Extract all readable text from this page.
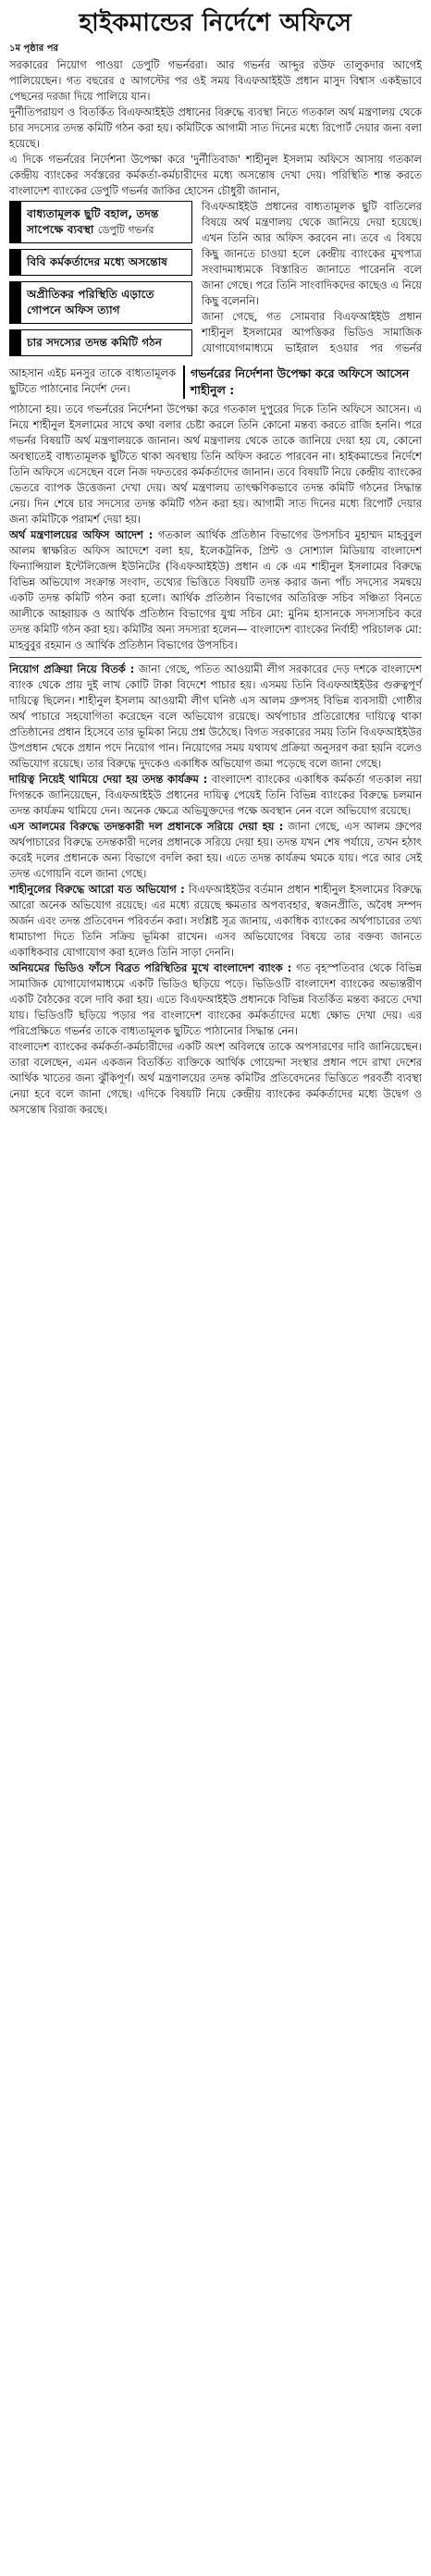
হাইকমান্ডের নির্দেশে অফিসে
১ম পৃষ্ঠার পর

সরকারের নিয়োগ পাওয়া ডেপুটি গভর্নররা। আর গভর্নর আব্দুর রউফ তালুকদার আগেই পালিয়েছেন। গত বছরের ৫ আগস্টের পর ওই সময় বিএফআইইউ প্রধান মাসুদ বিশ্বাস একইভাবে পেছনের দরজা দিয়ে পালিয়ে যান।

দুর্নীতিপরায়ণ ও বিতর্কিত বিএফআইইউ প্রধানের বিরুদ্ধে ব্যবস্থা নিতে গতকাল অর্থ মন্ত্রণালয় থেকে চার সদস্যের তদন্ত কমিটি গঠন করা হয়। কমিটিকে আগামী সাত দিনের মধ্যে রিপোর্ট দেয়ার জন্য বলা হয়েছে।

এ দিকে গভর্নরের নির্দেশনা উপেক্ষা করে 'দুর্নীতিবাজ' শাহীনুল ইসলাম অফিসে আসায় গতকাল কেন্দ্রীয় ব্যাংকের সর্বস্তরের কর্মকর্তা-কর্মচারীদের মধ্যে অসন্তোষ দেখা দেয়। পরিস্থিতি শান্ত করতে বাংলাদেশ ব্যাংকের ডেপুটি গভর্নর জাকির হোসেন চৌধুরী জানান,

বাধ্যতামূলক ছুটি বহাল, তদন্ত সাপেক্ষে ব্যবস্থা ডেপুটি গভর্নর
বিবি কর্মকর্তাদের মধ্যে অসন্তোষ
অপ্রীতিকর পরিস্থিতি এড়াতে গোপনে অফিস ত্যাগ
চার সদস্যের তদন্ত কমিটি গঠন

বিএফআইইউ প্রধানের বাধ্যতামূলক ছুটি বাতিলের বিষয়ে অর্থ মন্ত্রণালয় থেকে জানিয়ে দেয়া হয়েছে। এখন তিনি আর অফিস করবেন না। তবে এ বিষয়ে কিছু জানতে চাওয়া হলে কেন্দ্রীয় ব্যাংকের মুখপাত্র সংবাদমাধ্যমকে বিস্তারিত জানাতে পারেননি বলে জানা গেছে। পরে তিনি সাংবাদিকদের কাছেও এ নিয়ে কিছু বলেননি।

গভর্নরের নির্দেশনা উপেক্ষা করে অফিসে আসেন শাহীনুল :

জানা গেছে, গত সোমবার বিএফআইইউ প্রধান শাহীনুল ইসলামের আপত্তিকর ভিডিও সামাজিক যোগাযোগমাধ্যমে ভাইরাল হওয়ার পর গভর্নর আহসান এইচ মনসুর তাকে বাধ্যতামূলক ছুটিতে পাঠানোর নির্দেশ দেন।

পাঠানো হয়। তবে গভর্নরের নির্দেশনা উপেক্ষা করে গতকাল দুপুরের দিকে তিনি অফিসে আসেন। এ নিয়ে শাহীনুল ইসলামের সাথে কথা বলার চেষ্টা করলে তিনি কোনো মন্তব্য করতে রাজি হননি। পরে গভর্নর বিষয়টি অর্থ মন্ত্রণালয়কে জানান। অর্থ মন্ত্রণালয় থেকে তাকে জানিয়ে দেয়া হয় যে, কোনো অবস্থাতেই বাধ্যতামূলক ছুটিতে থাকা অবস্থায় তিনি অফিস করতে পারবেন না। হাইকমান্ডের নির্দেশে তিনি অফিসে এসেছেন বলে নিজ দফতরের কর্মকর্তাদের জানান। তবে বিষয়টি নিয়ে কেন্দ্রীয় ব্যাংকের ভেতরে ব্যাপক উত্তেজনা দেখা দেয়। অর্থ মন্ত্রণালয় তাৎক্ষণিকভাবে তদন্ত কমিটি গঠনের সিদ্ধান্ত নেয়। দিন শেষে চার সদস্যের তদন্ত কমিটি গঠন করা হয়। আগামী সাত দিনের মধ্যে রিপোর্ট দেয়ার জন্য কমিটিকে পরামর্শ দেয়া হয়।

অর্থ মন্ত্রণালয়ের অফিস আদেশ : গতকাল আর্থিক প্রতিষ্ঠান বিভাগের উপসচিব মুহাম্মদ মাহবুবুল আলম স্বাক্ষরিত অফিস আদেশে বলা হয়, ইলেকট্রনিক, প্রিন্ট ও সোশ্যাল মিডিয়ায় বাংলাদেশ ফিন্যান্সিয়াল ইন্টেলিজেন্স ইউনিটের (বিএফআইইউ) প্রধান এ কে এম শাহীনুল ইসলামের বিরুদ্ধে বিভিন্ন অভিযোগ সংক্রান্ত সংবাদ, তথ্যের ভিত্তিতে বিষয়টি তদন্ত করার জন্য পাঁচ সদস্যের সমন্বয়ে একটি তদন্ত কমিটি গঠন করা হলো। আর্থিক প্রতিষ্ঠান বিভাগের অতিরিক্ত সচিব সঞ্চিতা বিনতে আলীকে আহ্বায়ক ও আর্থিক প্রতিষ্ঠান বিভাগের যুগ্ম সচিব মো: মুনিম হাসানকে সদস্যসচিব করে তদন্ত কমিটি গঠন করা হয়। কমিটির অন্য সদস্যরা হলেন— বাংলাদেশ ব্যাংকের নির্বাহী পরিচালক মো: মাহবুবুর রহমান ও আর্থিক প্রতিষ্ঠান বিভাগের উপসচিব।

নিয়োগ প্রক্রিয়া নিয়ে বিতর্ক : জানা গেছে, পতিত আওয়ামী লীগ সরকারের দেড় দশকে বাংলাদেশ ব্যাংক থেকে প্রায় দুই লাখ কোটি টাকা বিদেশে পাচার হয়। এসময় তিনি বিএফআইইউর গুরুত্বপূর্ণ দায়িত্বে ছিলেন। শাহীনুল ইসলাম আওয়ামী লীগ ঘনিষ্ঠ এস আলম গ্রুপসহ বিভিন্ন ব্যবসায়ী গোষ্ঠীর অর্থ পাচারে সহযোগিতা করেছেন বলে অভিযোগ রয়েছে। অর্থপাচার প্রতিরোধের দায়িত্বে থাকা প্রতিষ্ঠানের প্রধান হিসেবে তার ভূমিকা নিয়ে প্রশ্ন উঠেছে। বিগত সরকারের সময় তিনি বিএফআইইউর উপপ্রধান থেকে প্রধান পদে নিয়োগ পান। নিয়োগের সময় যথাযথ প্রক্রিয়া অনুসরণ করা হয়নি বলেও অভিযোগ রয়েছে। তার বিরুদ্ধে দুদকেও একাধিক অভিযোগ জমা পড়েছে বলে জানা গেছে।

দায়িত্ব নিয়েই থামিয়ে দেয়া হয় তদন্ত কার্যক্রম : বাংলাদেশ ব্যাংকের একাধিক কর্মকর্তা গতকাল নয়া দিগন্তকে জানিয়েছেন, বিএফআইইউ প্রধানের দায়িত্ব পেয়েই তিনি বিভিন্ন ব্যাংকের বিরুদ্ধে চলমান তদন্ত কার্যক্রম থামিয়ে দেন। অনেক ক্ষেত্রে অভিযুক্তদের পক্ষে অবস্থান নেন বলে অভিযোগ রয়েছে।

এস আলমের বিরুদ্ধে তদন্তকারী দল প্রধানকে সরিয়ে দেয়া হয় : জানা গেছে, এস আলম গ্রুপের অর্থপাচারের বিরুদ্ধে তদন্তকারী দলের প্রধানকে সরিয়ে দেয়া হয়। তদন্ত যখন শেষ পর্যায়ে, তখন হঠাৎ করেই দলের প্রধানকে অন্য বিভাগে বদলি করা হয়। এতে তদন্ত কার্যক্রম থমকে যায়। পরে আর সেই তদন্ত এগোয়নি বলে জানা গেছে।

শাহীনুলের বিরুদ্ধে আরো যত অভিযোগ : বিএফআইইউর বর্তমান প্রধান শাহীনুল ইসলামের বিরুদ্ধে আরো অনেক অভিযোগ রয়েছে। এর মধ্যে রয়েছে ক্ষমতার অপব্যবহার, স্বজনপ্রীতি, অবৈধ সম্পদ অর্জন এবং তদন্ত প্রতিবেদন পরিবর্তন করা। সংশ্লিষ্ট সূত্র জানায়, একাধিক ব্যাংকের অর্থপাচারের তথ্য ধামাচাপা দিতে তিনি সক্রিয় ভূমিকা রাখেন। এসব অভিযোগের বিষয়ে তার বক্তব্য জানতে একাধিকবার যোগাযোগ করা হলেও তিনি সাড়া দেননি।

অনিয়মের ভিডিও ফাঁসে বিব্রত পরিস্থিতির মুখে বাংলাদেশ ব্যাংক : গত বৃহস্পতিবার থেকে বিভিন্ন সামাজিক যোগাযোগমাধ্যমে একটি ভিডিও ছড়িয়ে পড়ে। ভিডিওটি বাংলাদেশ ব্যাংকের অভ্যন্তরীণ একটি বৈঠকের বলে দাবি করা হয়। এতে বিএফআইইউ প্রধানকে বিভিন্ন বিতর্কিত মন্তব্য করতে দেখা যায়। ভিডিওটি ছড়িয়ে পড়ার পর বাংলাদেশ ব্যাংকের কর্মকর্তাদের মধ্যে ক্ষোভ দেখা দেয়। এর পরিপ্রেক্ষিতে গভর্নর তাকে বাধ্যতামূলক ছুটিতে পাঠানোর সিদ্ধান্ত নেন।

বাংলাদেশ ব্যাংকের কর্মকর্তা-কর্মচারীদের একটি অংশ অবিলম্বে তাকে অপসারণের দাবি জানিয়েছেন। তারা বলেছেন, এমন একজন বিতর্কিত ব্যক্তিকে আর্থিক গোয়েন্দা সংস্থার প্রধান পদে রাখা দেশের আর্থিক খাতের জন্য ঝুঁকিপূর্ণ। অর্থ মন্ত্রণালয়ের তদন্ত কমিটির প্রতিবেদনের ভিত্তিতে পরবর্তী ব্যবস্থা নেয়া হবে বলে জানা গেছে। এদিকে বিষয়টি নিয়ে কেন্দ্রীয় ব্যাংকের কর্মকর্তাদের মধ্যে উদ্বেগ ও অসন্তোষ বিরাজ করছে।
